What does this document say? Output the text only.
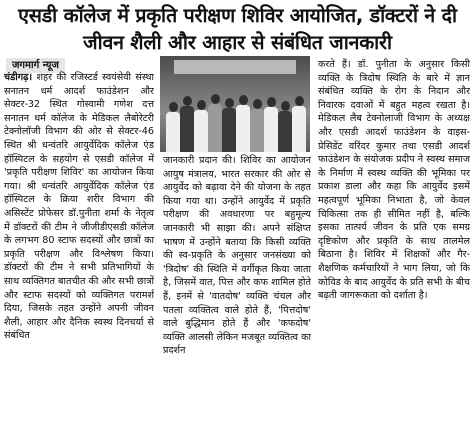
एसडी कॉलेज में प्रकृति परीक्षण शिविर आयोजित, डॉक्टरों ने दी जीवन शैली और आहार से संबंधित जानकारी
जगमार्ग न्यूज

चंडीगढ़। शहर की रजिस्टर्ड स्वयंसेवी संस्था सनातन धर्म आदर्श फाउंडेशन और सेक्टर-32 स्थित गोस्वामी गणेश दत्त सनातन धर्म कॉलेज के मेडिकल लैबोरेटरी टेक्नोलॉजी विभाग की ओर से सेक्टर-46 स्थित श्री धन्वंतरि आयुर्वेदिक कॉलेज एंड हॉस्पिटल के सहयोग से एसडी कॉलेज में 'प्रकृति परीक्षण शिविर' का आयोजन किया गया। श्री धन्वंतरि आयुर्वेदिक कॉलेज एंड हॉस्पिटल के क्रिया शरीर विभाग की असिस्टेंट प्रोफेसर डॉ.पुनीता शर्मा के नेतृत्व में डॉक्टरों की टीम ने जीजीडीएसडी कॉलेज के लगभग 80 स्टाफ सदस्यों और छात्रों का प्रकृति परीक्षण और विश्लेषण किया। डॉक्टरों की टीम ने सभी प्रतिभागियों के साथ व्यक्तिगत बातचीत की और सभी छात्रों और स्टाफ सदस्यों को व्यक्तिगत परामर्श दिया, जिसके तहत उन्होंने अपनी जीवन शैली, आहार और दैनिक स्वस्थ दिनचर्या से संबंधित

जानकारी प्रदान की। शिविर का आयोजन आयुष मंत्रालय, भारत सरकार की ओर से आयुर्वेद को बढ़ावा देने की योजना के तहत किया गया था। उन्होंने आयुर्वेद में प्रकृति परीक्षण की अवधारणा पर बहुमूल्य जानकारी भी साझा की। अपने संक्षिप्त भाषण में उन्होंने बताया कि किसी व्यक्ति की स्व-प्रकृति के अनुसार जनसंख्या को 'त्रिदोष' की स्थिति में वर्गीकृत किया जाता है, जिसमें वात, पित्त और कफ शामिल होते हैं, इनमें से 'वातदोष' व्यक्ति चंचल और पतला व्यक्तित्व वाले होते हैं, 'पित्तदोष' वाले बुद्धिमान होते हैं और 'कफदोष' व्यक्ति आलसी लेकिन मजबूत व्यक्तित्व का प्रदर्शन

करते हैं। डॉ. पुनीता के अनुसार किसी व्यक्ति के त्रिदोष स्थिति के बारे में ज्ञान संबंधित व्यक्ति के रोग के निदान और निवारक दवाओं में बहुत महत्व रखता है। मेडिकल लैब टेक्नोलाजी विभाग के अध्यक्ष और एसडी आदर्श फाउंडेशन के वाइस-प्रेसिडेंट वरिंदर कुमार तथा एसडी आदर्श फाउंडेशन के संयोजक प्रदीप ने स्वस्थ समाज के निर्माण में स्वस्थ व्यक्ति की भूमिका पर प्रकाश डाला और कहा कि आयुर्वेद इसमें महत्वपूर्ण भूमिका निभाता है, जो केवल चिकित्सा तक ही सीमित नहीं है, बल्कि इसका तात्पर्य जीवन के प्रति एक समग्र दृष्टिकोण और प्रकृति के साथ तालमेल बिठाना है। शिविर में शिक्षकों और गैर-शैक्षणिक कर्मचारियों ने भाग लिया, जो कि कोविड के बाद आयुर्वेद के प्रति सभी के बीच बढ़ती जागरूकता को दर्शाता है।
